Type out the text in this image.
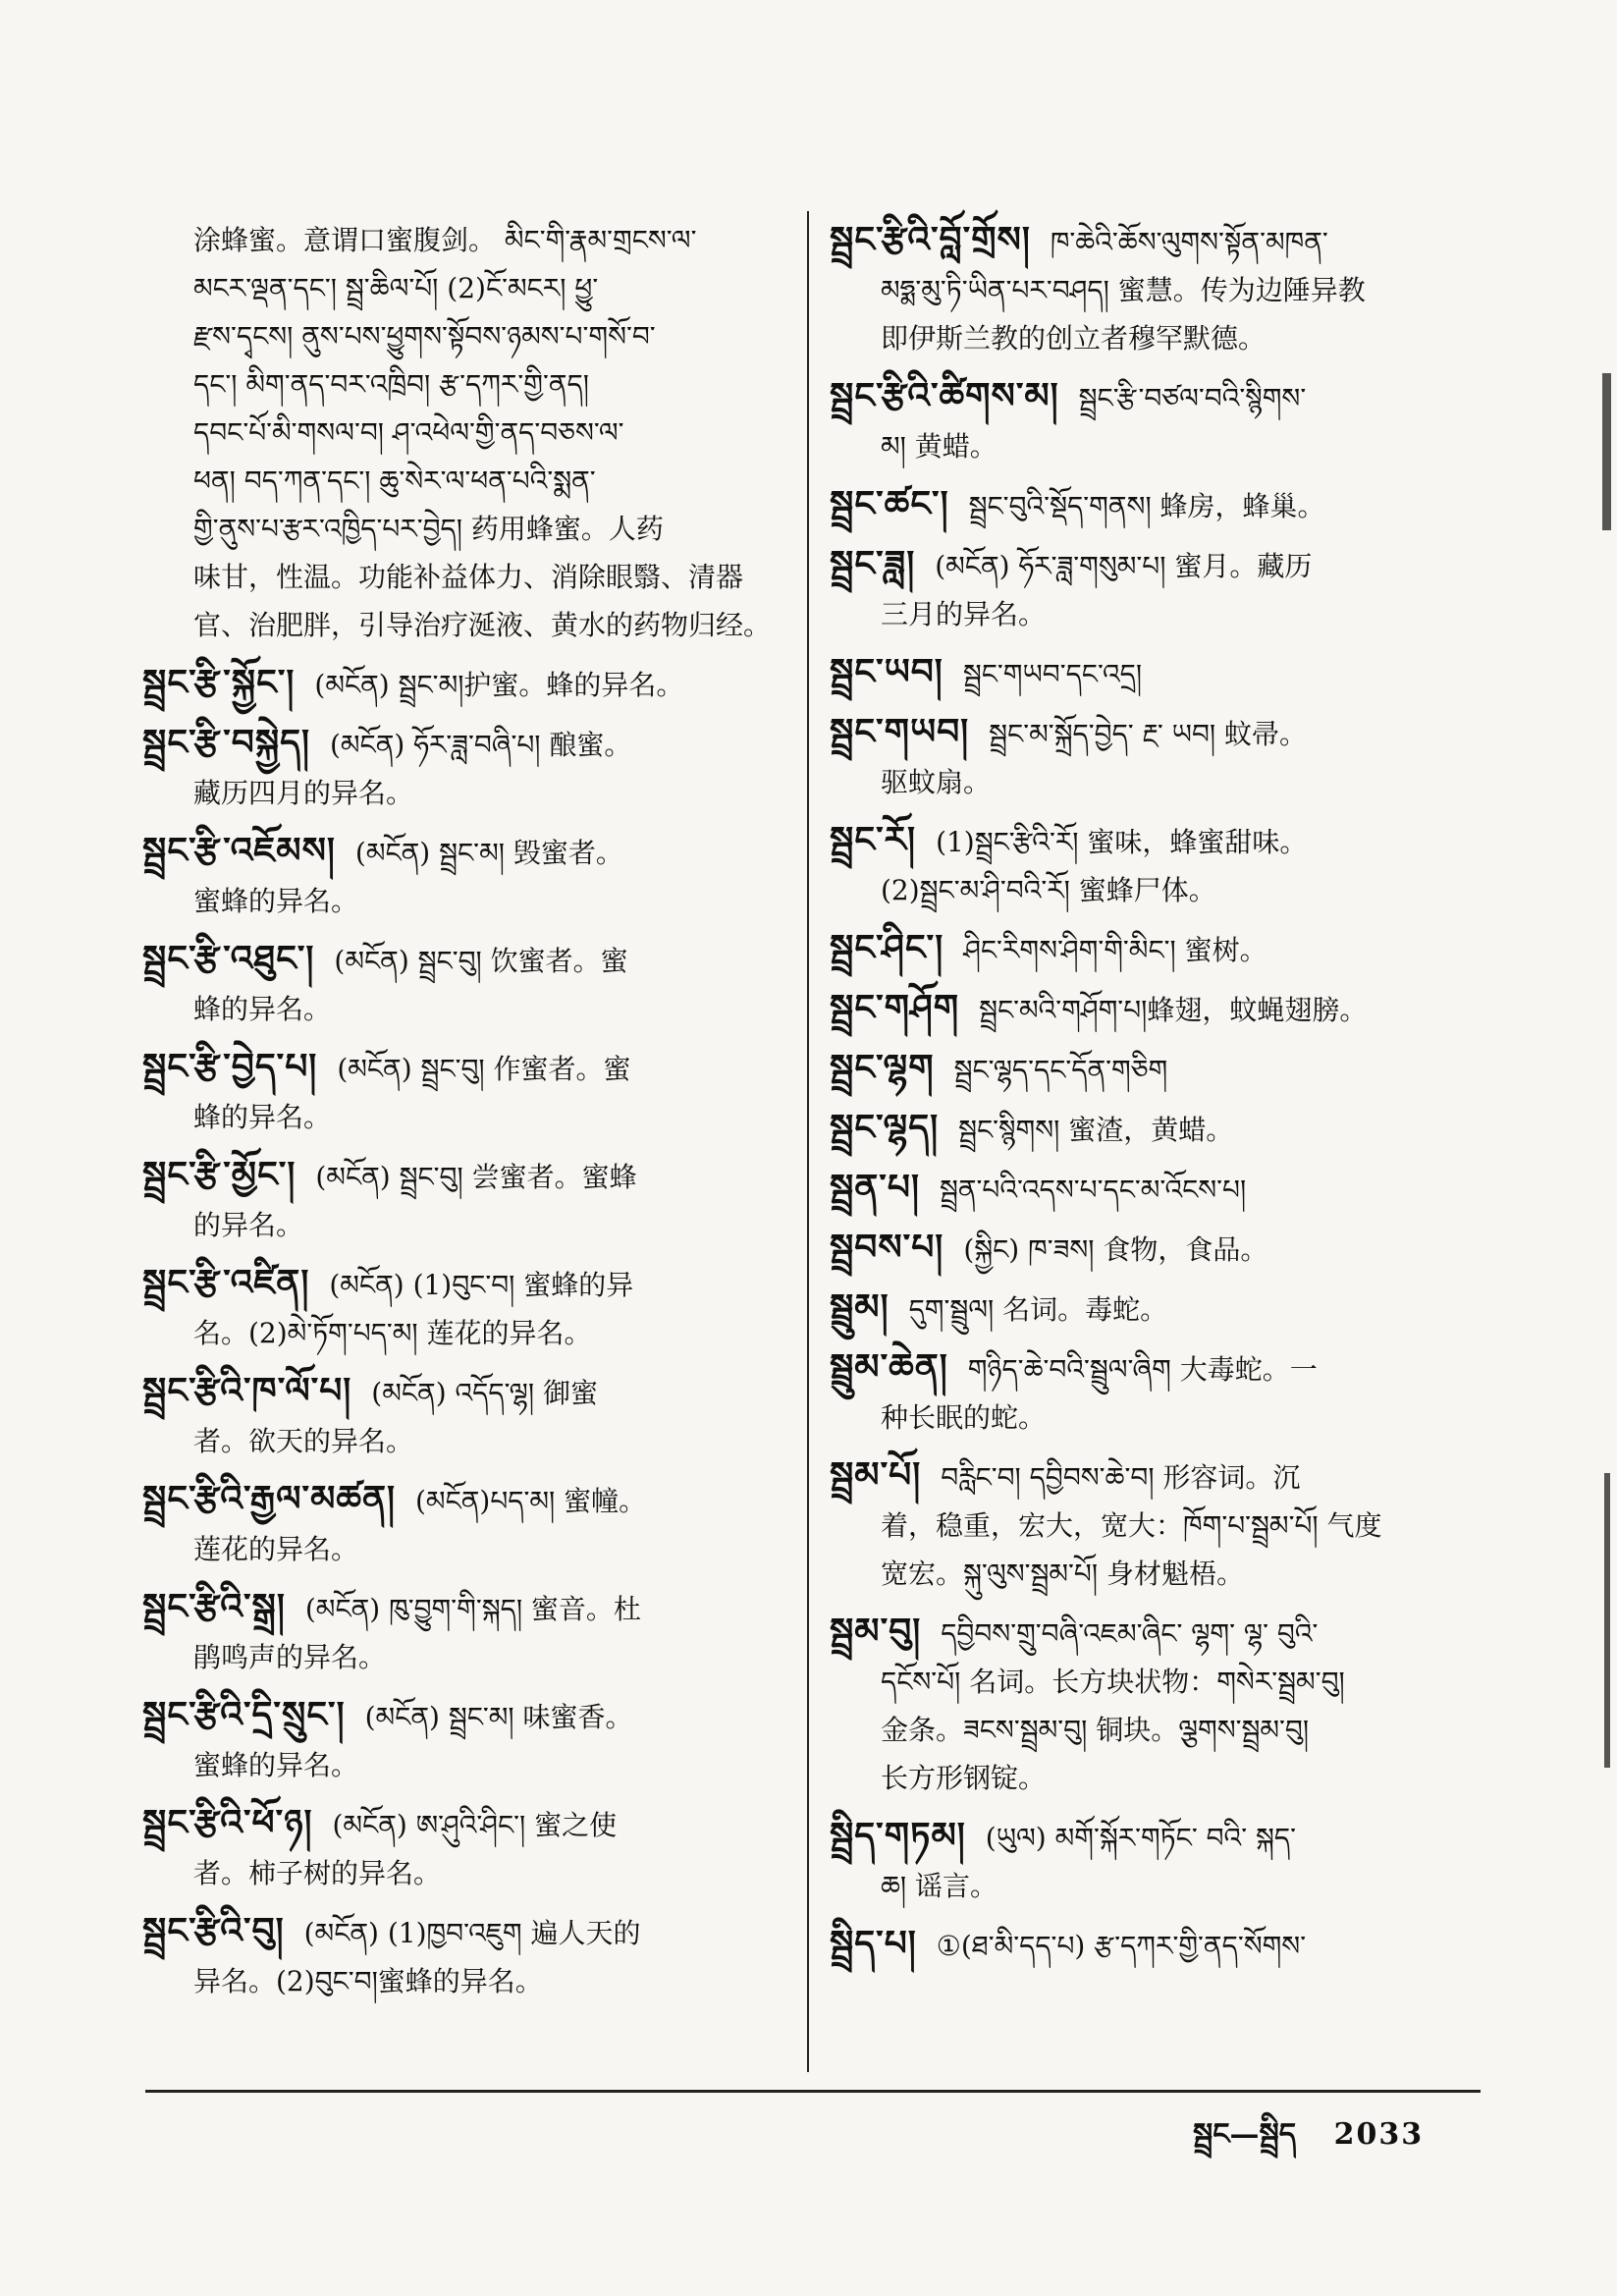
涂蜂蜜。意谓口蜜腹剑。 མིང་གི་རྣམ་གྲངས་ལ་
མངར་ལྡན་དང་། སྦྲ་ཆིལ་པོ། (2)ངོ་མངར། ཕྱུ་
རྫས་དྭངས། ནུས་པས་ཕྱུགས་སྟོབས་ཉམས་པ་གསོ་བ་
དང་། མིག་ནད་བར་འཁྲིབ། རྩ་དཀར་གྱི་ནད།
དབང་པོ་མི་གསལ་བ། ཤ་འཕེལ་གྱི་ནད་བཅས་ལ་
ཕན། བད་ཀན་དང་། ཆུ་སེར་ལ་ཕན་པའི་སྨན་
གྱི་ནུས་པ་རྩར་འཁྱིད་པར་བྱེད། 药用蜂蜜。人药
味甘，性温。功能补益体力、消除眼翳、清器
官、治肥胖，引导治疗涎液、黄水的药物归经。
སྦྲང་རྩི་སྐྱོང་། (མངོན) སྦྲང་མ།护蜜。蜂的异名。
སྦྲང་རྩི་བསྐྱེད། (མངོན) ཧོར་ཟླ་བཞི་པ། 酿蜜。
藏历四月的异名。
སྦྲང་རྩི་འཇོམས། (མངོན) སྦྲང་མ། 毁蜜者。
蜜蜂的异名。
སྦྲང་རྩི་འཐུང་། (མངོན) སྦྲང་བུ། 饮蜜者。蜜
蜂的异名。
སྦྲང་རྩི་བྱེད་པ། (མངོན) སྦྲང་བུ། 作蜜者。蜜
蜂的异名。
སྦྲང་རྩི་མྱོང་། (མངོན) སྦྲང་བུ། 尝蜜者。蜜蜂
的异名。
སྦྲང་རྩི་འཛིན། (མངོན) (1)བུང་བ། 蜜蜂的异
名。(2)མེ་ཏོག་པད་མ། 莲花的异名。
སྦྲང་རྩིའི་ཁ་ལོ་པ། (མངོན) འདོད་ལྷ། 御蜜
者。欲天的异名。
སྦྲང་རྩིའི་རྒྱལ་མཚན། (མངོན)པད་མ། 蜜幢。
莲花的异名。
སྦྲང་རྩིའི་སྒྲ། (མངོན) ཁུ་བྱུག་གི་སྐད། 蜜音。杜
鹃鸣声的异名。
སྦྲང་རྩིའི་དྲི་སྲུང་། (མངོན) སྦྲང་མ། 味蜜香。
蜜蜂的异名。
སྦྲང་རྩིའི་ཕོ་ཉ། (མངོན) ཨ་ཤུའི་ཤིང་། 蜜之使
者。柿子树的异名。
སྦྲང་རྩིའི་བུ། (མངོན) (1)ཁྱབ་འཇུག 遍人天的
异名。(2)བུང་བ།蜜蜂的异名。
སྦྲང་རྩིའི་བློ་གྲོས། ཁ་ཆེའི་ཆོས་ལུགས་སྟོན་མཁན་
མཧྨ་མུ་ཏི་ཡིན་པར་བཤད། 蜜慧。传为边陲异教
即伊斯兰教的创立者穆罕默德。
སྦྲང་རྩིའི་ཚིགས་མ། སྦྲང་རྩི་བཙལ་བའི་སྙིགས་
མ། 黄蜡。
སྦྲང་ཚང་། སྦྲང་བུའི་སྡོད་གནས། 蜂房，蜂巢。
སྦྲང་ཟླ། (མངོན) ཧོར་ཟླ་གསུམ་པ། 蜜月。藏历
三月的异名。
སྦྲང་ཡབ། སྦྲང་གཡབ་དང་འདྲ།
སྦྲང་གཡབ། སྦྲང་མ་སྐྲོད་བྱེད་ རྔ་ ཡབ། 蚊帚。
驱蚊扇。
སྦྲང་རོ། (1)སྦྲང་རྩིའི་རོ། 蜜味，蜂蜜甜味。
(2)སྦྲང་མ་ཤི་བའི་རོ། 蜜蜂尸体。
སྦྲང་ཤིང་། ཤིང་རིགས་ཤིག་གི་མིང་། 蜜树。
སྦྲང་གཤོག སྦྲང་མའི་གཤོག་པ།蜂翅，蚊蝇翅膀。
སྦྲང་ལྷག སྦྲང་ལྷད་དང་དོན་གཅིག
སྦྲང་ལྷད། སྦྲང་སྙིགས། 蜜渣，黄蜡。
སྦྲན་པ། སྦྲན་པའི་འདས་པ་དང་མ་འོངས་པ།
སྦྲབས་པ། (སྐྱིང) ཁ་ཟས། 食物，食品。
སྦྲུམ། དུག་སྦྲུལ། 名词。毒蛇。
སྦྲུམ་ཆེན། གཉིད་ཆེ་བའི་སྦྲུལ་ཞིག 大毒蛇。一
种长眠的蛇。
སྦྲམ་པོ། བརླིང་བ། དབྱིབས་ཆེ་བ། 形容词。沉
着，稳重，宏大，宽大：ཁོག་པ་སྦྲམ་པོ། 气度
宽宏。སྐུ་ལུས་སྦྲམ་པོ། 身材魁梧。
སྦྲམ་བུ། དབྱིབས་གྲུ་བཞི་འཇམ་ཞིང་ ལྷག་ ལྷ་ བུའི་
དངོས་པོ། 名词。长方块状物：གསེར་སྦྲམ་བུ།
金条。ཟངས་སྦྲམ་བུ། 铜块。ལྕགས་སྦྲམ་བུ།
长方形钢锭。
སྦྲིད་གཏམ། (ཡུལ) མགོ་སྐོར་གཏོང་ བའི་ སྐད་
ཆ། 谣言。
སྦྲིད་པ། ①(ཐ་མི་དད་པ) རྩ་དཀར་གྱི་ནད་སོགས་
སྦྲང—སྦྲིད 2033
